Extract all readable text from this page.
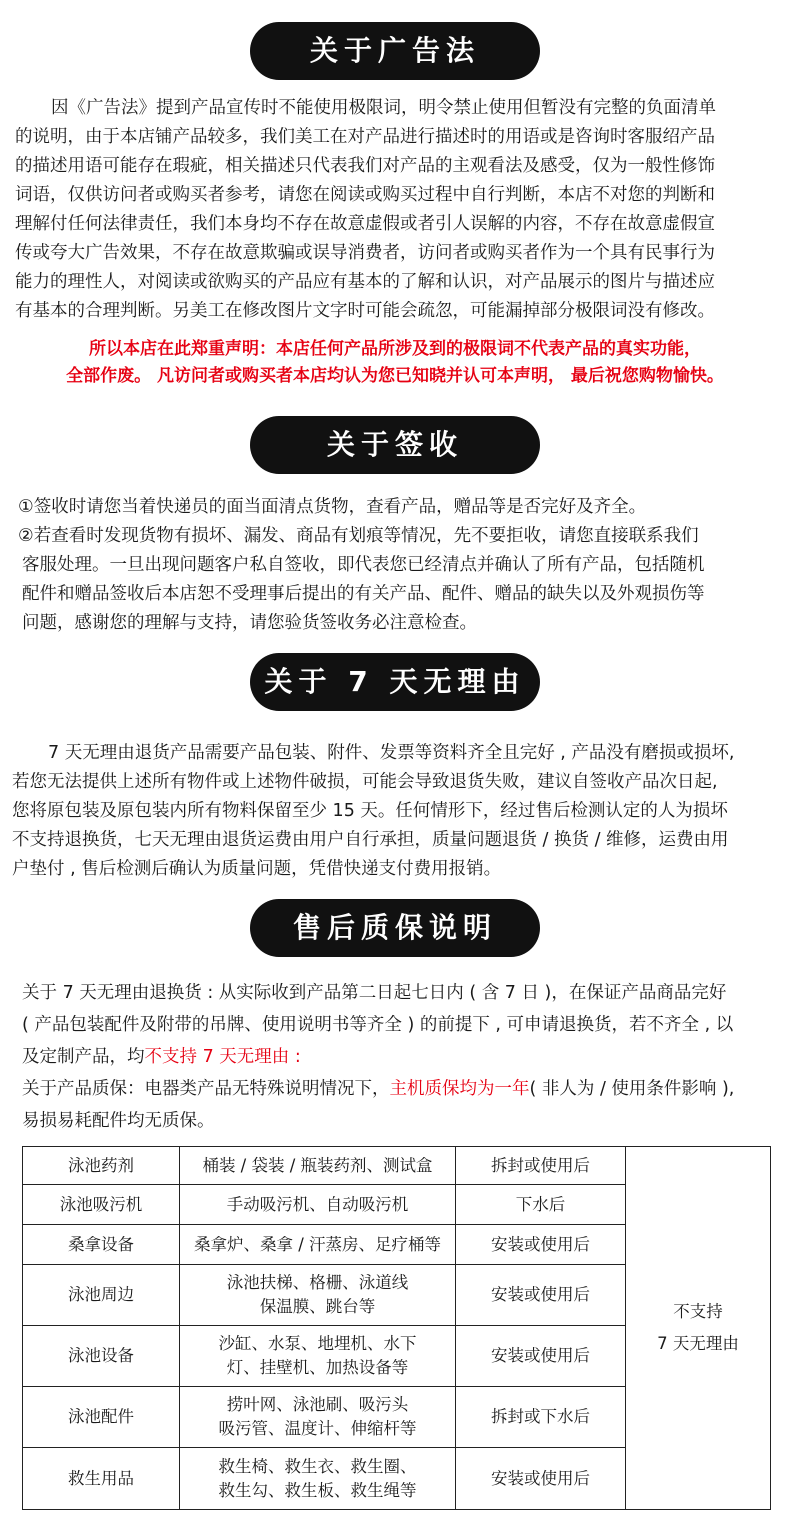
关于广告法
因《广告法》提到产品宣传时不能使用极限词，明令禁止使用但暂没有完整的负面清单
的说明，由于本店铺产品较多，我们美工在对产品进行描述时的用语或是咨询时客服绍产品
的描述用语可能存在瑕疵，相关描述只代表我们对产品的主观看法及感受，仅为一般性修饰
词语，仅供访问者或购买者参考，请您在阅读或购买过程中自行判断，本店不对您的判断和
理解付任何法律责任，我们本身均不存在故意虚假或者引人误解的内容，不存在故意虚假宣
传或夸大广告效果，不存在故意欺骗或误导消费者，访问者或购买者作为一个具有民事行为
能力的理性人，对阅读或欲购买的产品应有基本的了解和认识，对产品展示的图片与描述应
有基本的合理判断。另美工在修改图片文字时可能会疏忽，可能漏掉部分极限词没有修改。

所以本店在此郑重声明：本店任何产品所涉及到的极限词不代表产品的真实功能，

全部作废。 凡访问者或购买者本店均认为您已知晓并认可本声明， 最后祝您购物愉快。

关于签收
①签收时请您当着快递员的面当面清点货物，查看产品，赠品等是否完好及齐全。
②若查看时发现货物有损坏、漏发、商品有划痕等情况，先不要拒收，请您直接联系我们
客服处理。一旦出现问题客户私自签收，即代表您已经清点并确认了所有产品，包括随机
配件和赠品签收后本店恕不受理事后提出的有关产品、配件、赠品的缺失以及外观损伤等
问题，感谢您的理解与支持，请您验货签收务必注意检查。
关于 7 天无理由
7 天无理由退货产品需要产品包装、附件、发票等资料齐全且完好 , 产品没有磨损或损坏,
若您无法提供上述所有物件或上述物件破损，可能会导致退货失败，建议自签收产品次日起,
您将原包装及原包装内所有物料保留至少 15 天。任何情形下，经过售后检测认定的人为损坏
不支持退换货，七天无理由退货运费由用户自行承担，质量问题退货 / 换货 / 维修，运费由用
户垫付 , 售后检测后确认为质量问题，凭借快递支付费用报销。
售后质保说明
关于 7 天无理由退换货 : 从实际收到产品第二日起七日内 ( 含 7 日 )，在保证产品商品完好
( 产品包装配件及附带的吊牌、使用说明书等齐全 ) 的前提下 , 可申请退换货，若不齐全 , 以
及定制产品，均不支持 7 天无理由 :
关于产品质保：电器类产品无特殊说明情况下，主机质保均为一年( 非人为 / 使用条件影响 ),
易损易耗配件均无质保。
泳池药剂	桶装 / 袋装 / 瓶装药剂、测试盒	拆封或使用后	不支持
7 天无理由

泳池吸污机	手动吸污机、自动吸污机	下水后	
桑拿设备	桑拿炉、桑拿 / 汗蒸房、足疗桶等	安装或使用后	
泳池周边	泳池扶梯、格栅、泳道线
保温膜、跳台等	安装或使用后	
泳池设备	沙缸、水泵、地埋机、水下
灯、挂壁机、加热设备等	安装或使用后	
泳池配件	捞叶网、泳池刷、吸污头
吸污管、温度计、伸缩杆等	拆封或下水后	
救生用品	救生椅、救生衣、救生圈、
救生勾、救生板、救生绳等	安装或使用后	
